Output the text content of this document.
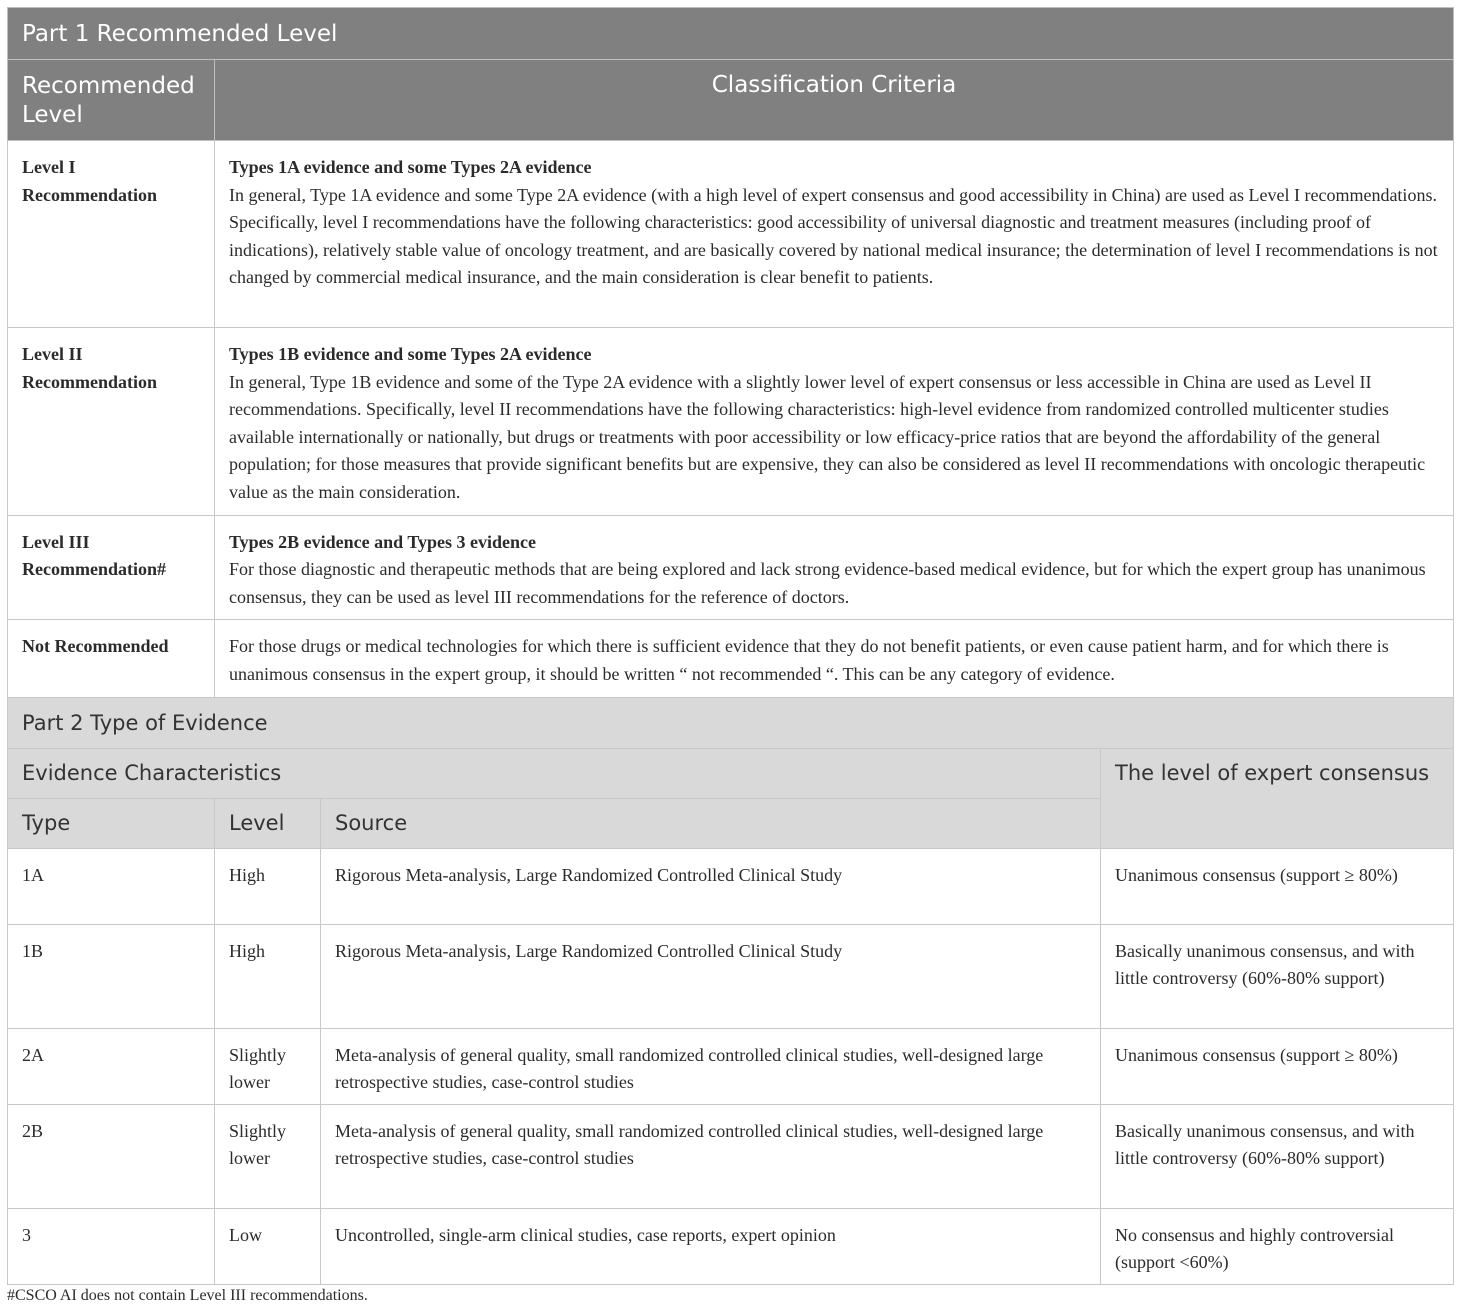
Part 1 Recommended Level			
Recommended Level	Classification Criteria		
Level I Recommendation	Types 1A evidence and some Types 2A evidence
In general, Type 1A evidence and some Type 2A evidence (with a high level of expert consensus and good accessibility in China) are used as Level I recommendations. Specifically, level I recommendations have the following characteristics: good accessibility of universal diagnostic and treatment measures (including proof of indications), relatively stable value of oncology treatment, and are basically covered by national medical insurance; the determination of level I recommendations is not changed by commercial medical insurance, and the main consideration is clear benefit to patients.		

Level II Recommendation	Types 1B evidence and some Types 2A evidence
In general, Type 1B evidence and some of the Type 2A evidence with a slightly lower level of expert consensus or less accessible in China are used as Level II recommendations. Specifically, level II recommendations have the following characteristics: high-level evidence from randomized controlled multicenter studies available internationally or nationally, but drugs or treatments with poor accessibility or low efficacy-price ratios that are beyond the affordability of the general population; for those measures that provide significant benefits but are expensive, they can also be considered as level II recommendations with oncologic therapeutic value as the main consideration.		

Level III Recommendation#	Types 2B evidence and Types 3 evidence
For those diagnostic and therapeutic methods that are being explored and lack strong evidence-based medical evidence, but for which the expert group has unanimous consensus, they can be used as level III recommendations for the reference of doctors.		

Not Recommended	For those drugs or medical technologies for which there is sufficient evidence that they do not benefit patients, or even cause patient harm, and for which there is unanimous consensus in the expert group, it should be written “ not recommended “. This can be any category of evidence.		

Part 2 Type of Evidence			
Evidence Characteristics			The level of expert consensus
Type	Level	Source	
1A	High	Rigorous Meta-analysis, Large Randomized Controlled Clinical Study	Unanimous consensus (support ≥ 80%)
1B	High	Rigorous Meta-analysis, Large Randomized Controlled Clinical Study	Basically unanimous consensus, and with little controversy (60%-80% support)
2A	Slightly lower	Meta-analysis of general quality, small randomized controlled clinical studies, well-designed large retrospective studies, case-control studies	Unanimous consensus (support ≥ 80%)
2B	Slightly lower	Meta-analysis of general quality, small randomized controlled clinical studies, well-designed large retrospective studies, case-control studies	Basically unanimous consensus, and with little controversy (60%-80% support)
3	Low	Uncontrolled, single-arm clinical studies, case reports, expert opinion	No consensus and highly controversial (support <60%)
#CSCO AI does not contain Level III recommendations.
